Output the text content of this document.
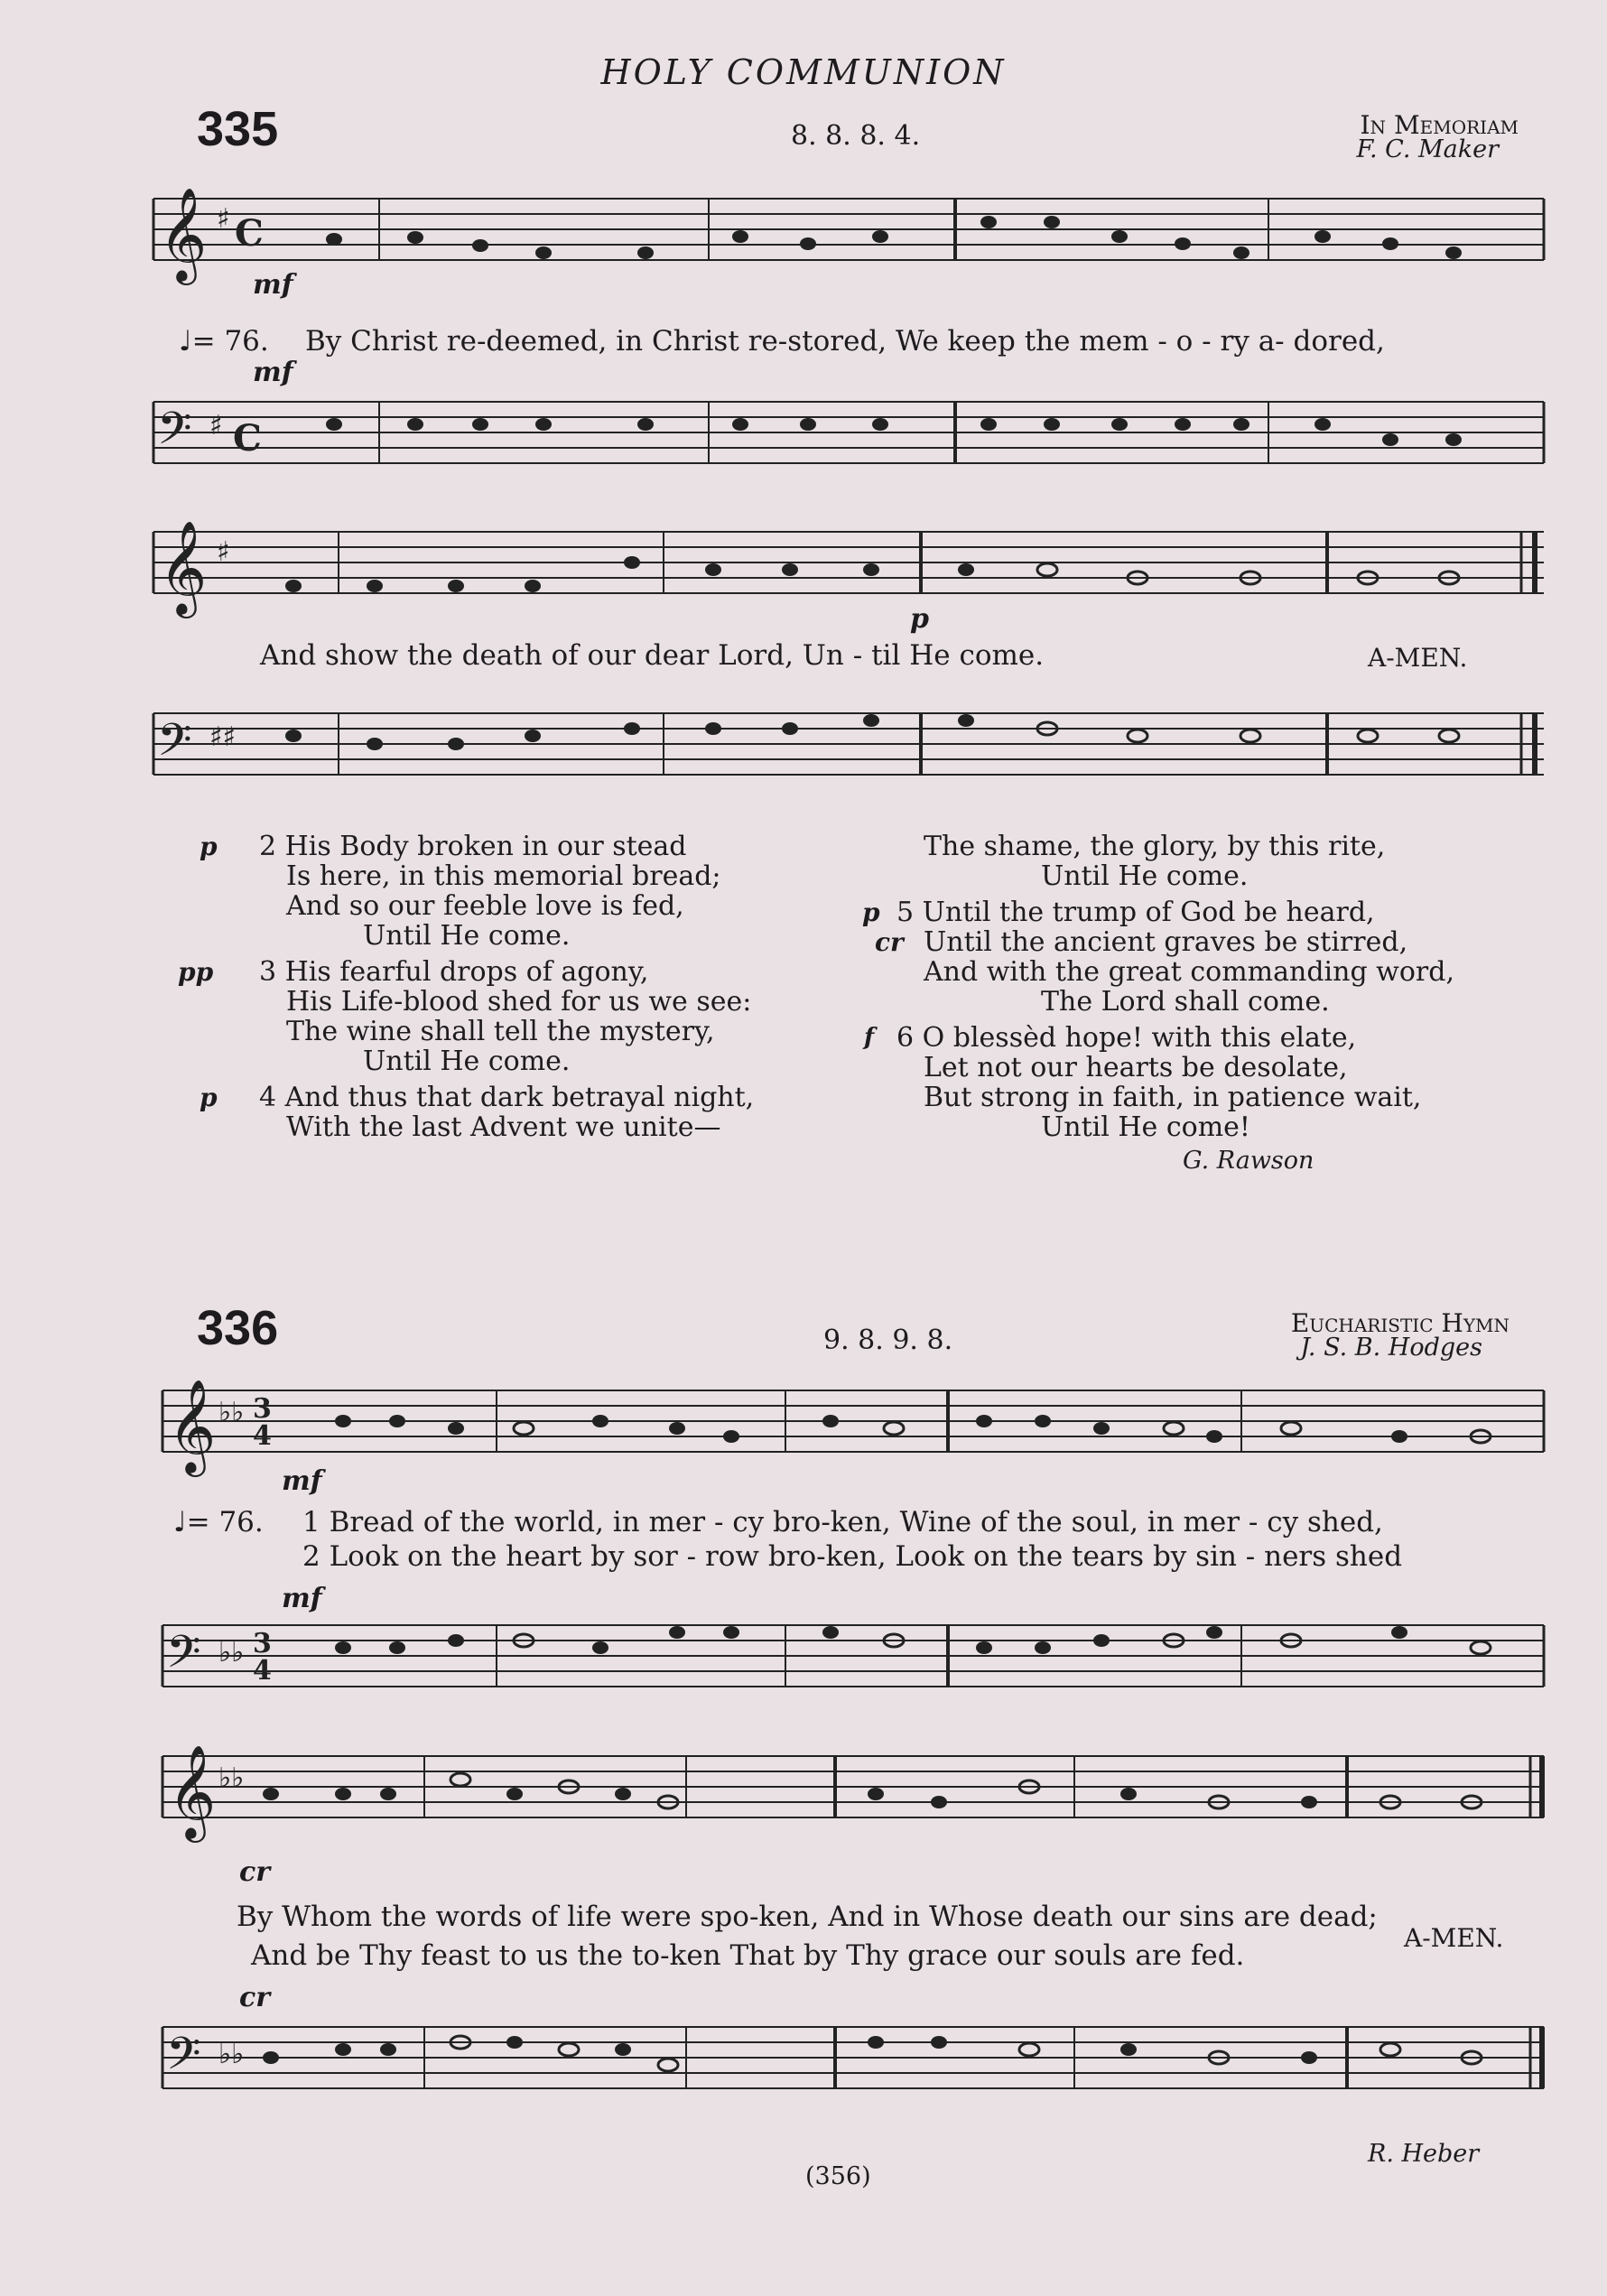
HOLY COMMUNION
335	8. 8. 8. 4.	In Memoriam
F. C. Maker
𝄞 ♯ C
mf
♩= 76. By Christ re-deemed, in Christ re-stored, We keep the mem - o - ry a- dored,
mf
𝄢 ♯ C
𝄞 ♯
And show the death of our dear Lord, Un - til He come.	A-MEN.
p
𝄢 ♯♯
p 2 His Body broken in our stead
Is here, in this memorial bread;
And so our feeble love is fed,
Until He come.
pp 3 His fearful drops of agony,
His Life-blood shed for us we see:
The wine shall tell the mystery,
Until He come.
p 4 And thus that dark betrayal night,
With the last Advent we unite—
The shame, the glory, by this rite,
Until He come.
p 5 Until the trump of God be heard,
cr Until the ancient graves be stirred,
And with the great commanding word,
The Lord shall come.
f 6 O blessèd hope! with this elate,
Let not our hearts be desolate,
But strong in faith, in patience wait,
Until He come!
G. Rawson
336	9. 8. 9. 8.
Eucharistic Hymn
J. S. B. Hodges
𝄞 ♭♭ 3
4
mf
♩= 76. 1 Bread of the world, in mer - cy bro-ken, Wine of the soul, in mer - cy shed,
2 Look on the heart by sor - row bro-ken, Look on the tears by sin - ners shed
mf
𝄢 ♭♭ 3
4
𝄞 ♭♭
cr
By Whom the words of life were spo-ken, And in Whose death our sins are dead;
And be Thy feast to us the to-ken That by Thy grace our souls are fed.
A-MEN.
cr
𝄢 ♭♭
R. Heber
(356)
